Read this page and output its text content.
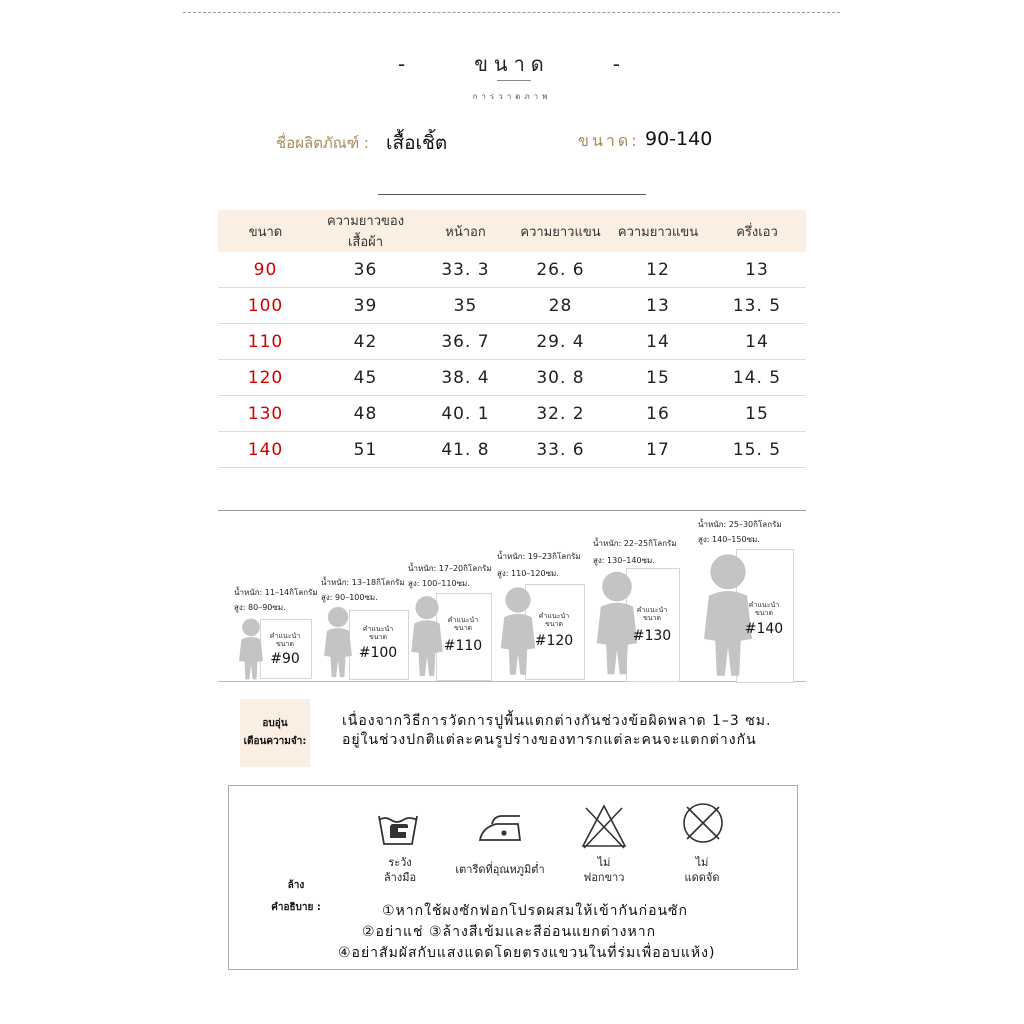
-	ขนาด	-
การวาดภาพ
ชื่อผลิตภัณฑ์ : เสื้อเชิ้ต	ขนาด: 90-140
ขนาด	ความยาวของเสื้อผ้า	หน้าอก	ความยาวแขน	ความยาวแขน	ครึ่งเอว
90	36	33. 3	26. 6	12	13
100	39	35	28	13	13. 5
110	42	36. 7	29. 4	14	14
120	45	38. 4	30. 8	15	14. 5
130	48	40. 1	32. 2	16	15
140	51	41. 8	33. 6	17	15. 5
น้ำหนัก: 11–14กิโลกรัม
สูง: 80–90ซม.
คำแนะนำ
ขนาด
#90
น้ำหนัก: 13–18กิโลกรัม
สูง: 90–100ซม.
คำแนะนำ
ขนาด
#100
น้ำหนัก: 17–20กิโลกรัม
สูง: 100–110ซม.
คำแนะนำ
ขนาด
#110
น้ำหนัก: 19–23กิโลกรัม
สูง: 110–120ซม.
คำแนะนำ
ขนาด
#120
น้ำหนัก: 22–25กิโลกรัม
สูง: 130–140ซม.
คำแนะนำ
ขนาด
#130
น้ำหนัก: 25–30กิโลกรัม
สูง: 140–150ซม.
คำแนะนำ
ขนาด
#140
อบอุ่น
เตือนความจำ:
เนื่องจากวิธีการวัดการปูพื้นแตกต่างกันช่วงข้อผิดพลาด 1–3 ซม.
อยู่ในช่วงปกติแต่ละคนรูปร่างของทารกแต่ละคนจะแตกต่างกัน
ระวัง
ล้างมือ
เตารีดที่อุณหภูมิต่ำ
ไม่
ฟอกขาว
ไม่
แดดจัด
ล้าง
คำอธิบาย :	①หากใช้ผงซักฟอกโปรดผสมให้เข้ากันก่อนซัก
②อย่าแช่ ③ล้างสีเข้มและสีอ่อนแยกต่างหาก
④อย่าสัมผัสกับแสงแดดโดยตรงแขวนในที่ร่มเพื่ออบแห้ง)
